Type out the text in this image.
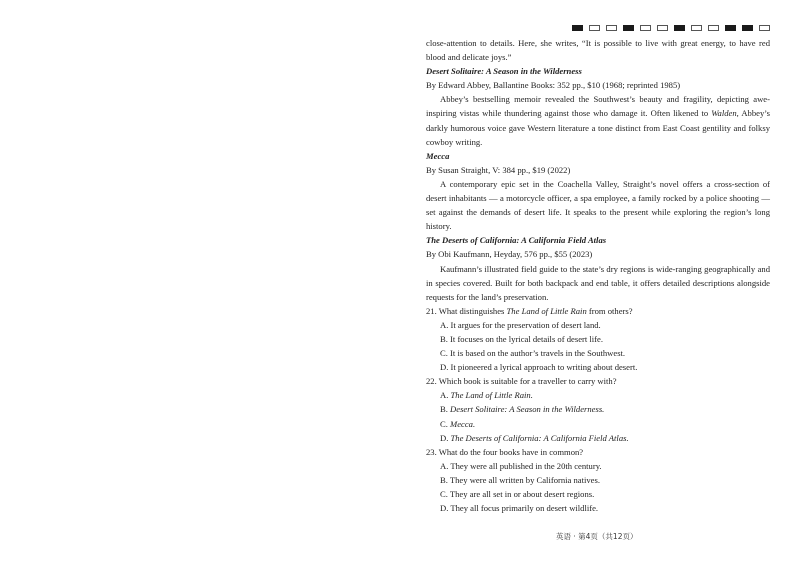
close-attention to details. Here, she writes, “It is possible to live with great energy, to have red blood and delicate joys.”

Desert Solitaire: A Season in the Wilderness

By Edward Abbey, Ballantine Books: 352 pp., $10 (1968; reprinted 1985)

Abbey’s bestselling memoir revealed the Southwest’s beauty and fragility, depicting awe-inspiring vistas while thundering against those who damage it. Often likened to Walden, Abbey’s darkly humorous voice gave Western literature a tone distinct from East Coast gentility and folksy cowboy writing.

Mecca

By Susan Straight, V: 384 pp., $19 (2022)

A contemporary epic set in the Coachella Valley, Straight’s novel offers a cross-section of desert inhabitants — a motorcycle officer, a spa employee, a family rocked by a police shooting — set against the demands of desert life. It speaks to the present while exploring the region’s long history.

The Deserts of California: A California Field Atlas

By Obi Kaufmann, Heyday, 576 pp., $55 (2023)

Kaufmann’s illustrated field guide to the state’s dry regions is wide-ranging geographically and in species covered. Built for both backpack and end table, it offers detailed descriptions alongside requests for the land’s preservation.

21. What distinguishes The Land of Little Rain from others?

A. It argues for the preservation of desert land.

B. It focuses on the lyrical details of desert life.

C. It is based on the author’s travels in the Southwest.

D. It pioneered a lyrical approach to writing about desert.

22. Which book is suitable for a traveller to carry with?

A. The Land of Little Rain.

B. Desert Solitaire: A Season in the Wilderness.

C. Mecca.

D. The Deserts of California: A California Field Atlas.

23. What do the four books have in common?

A. They were all published in the 20th century.

B. They were all written by California natives.

C. They are all set in or about desert regions.

D. They all focus primarily on desert wildlife.

英语 · 第4页（共12页）
